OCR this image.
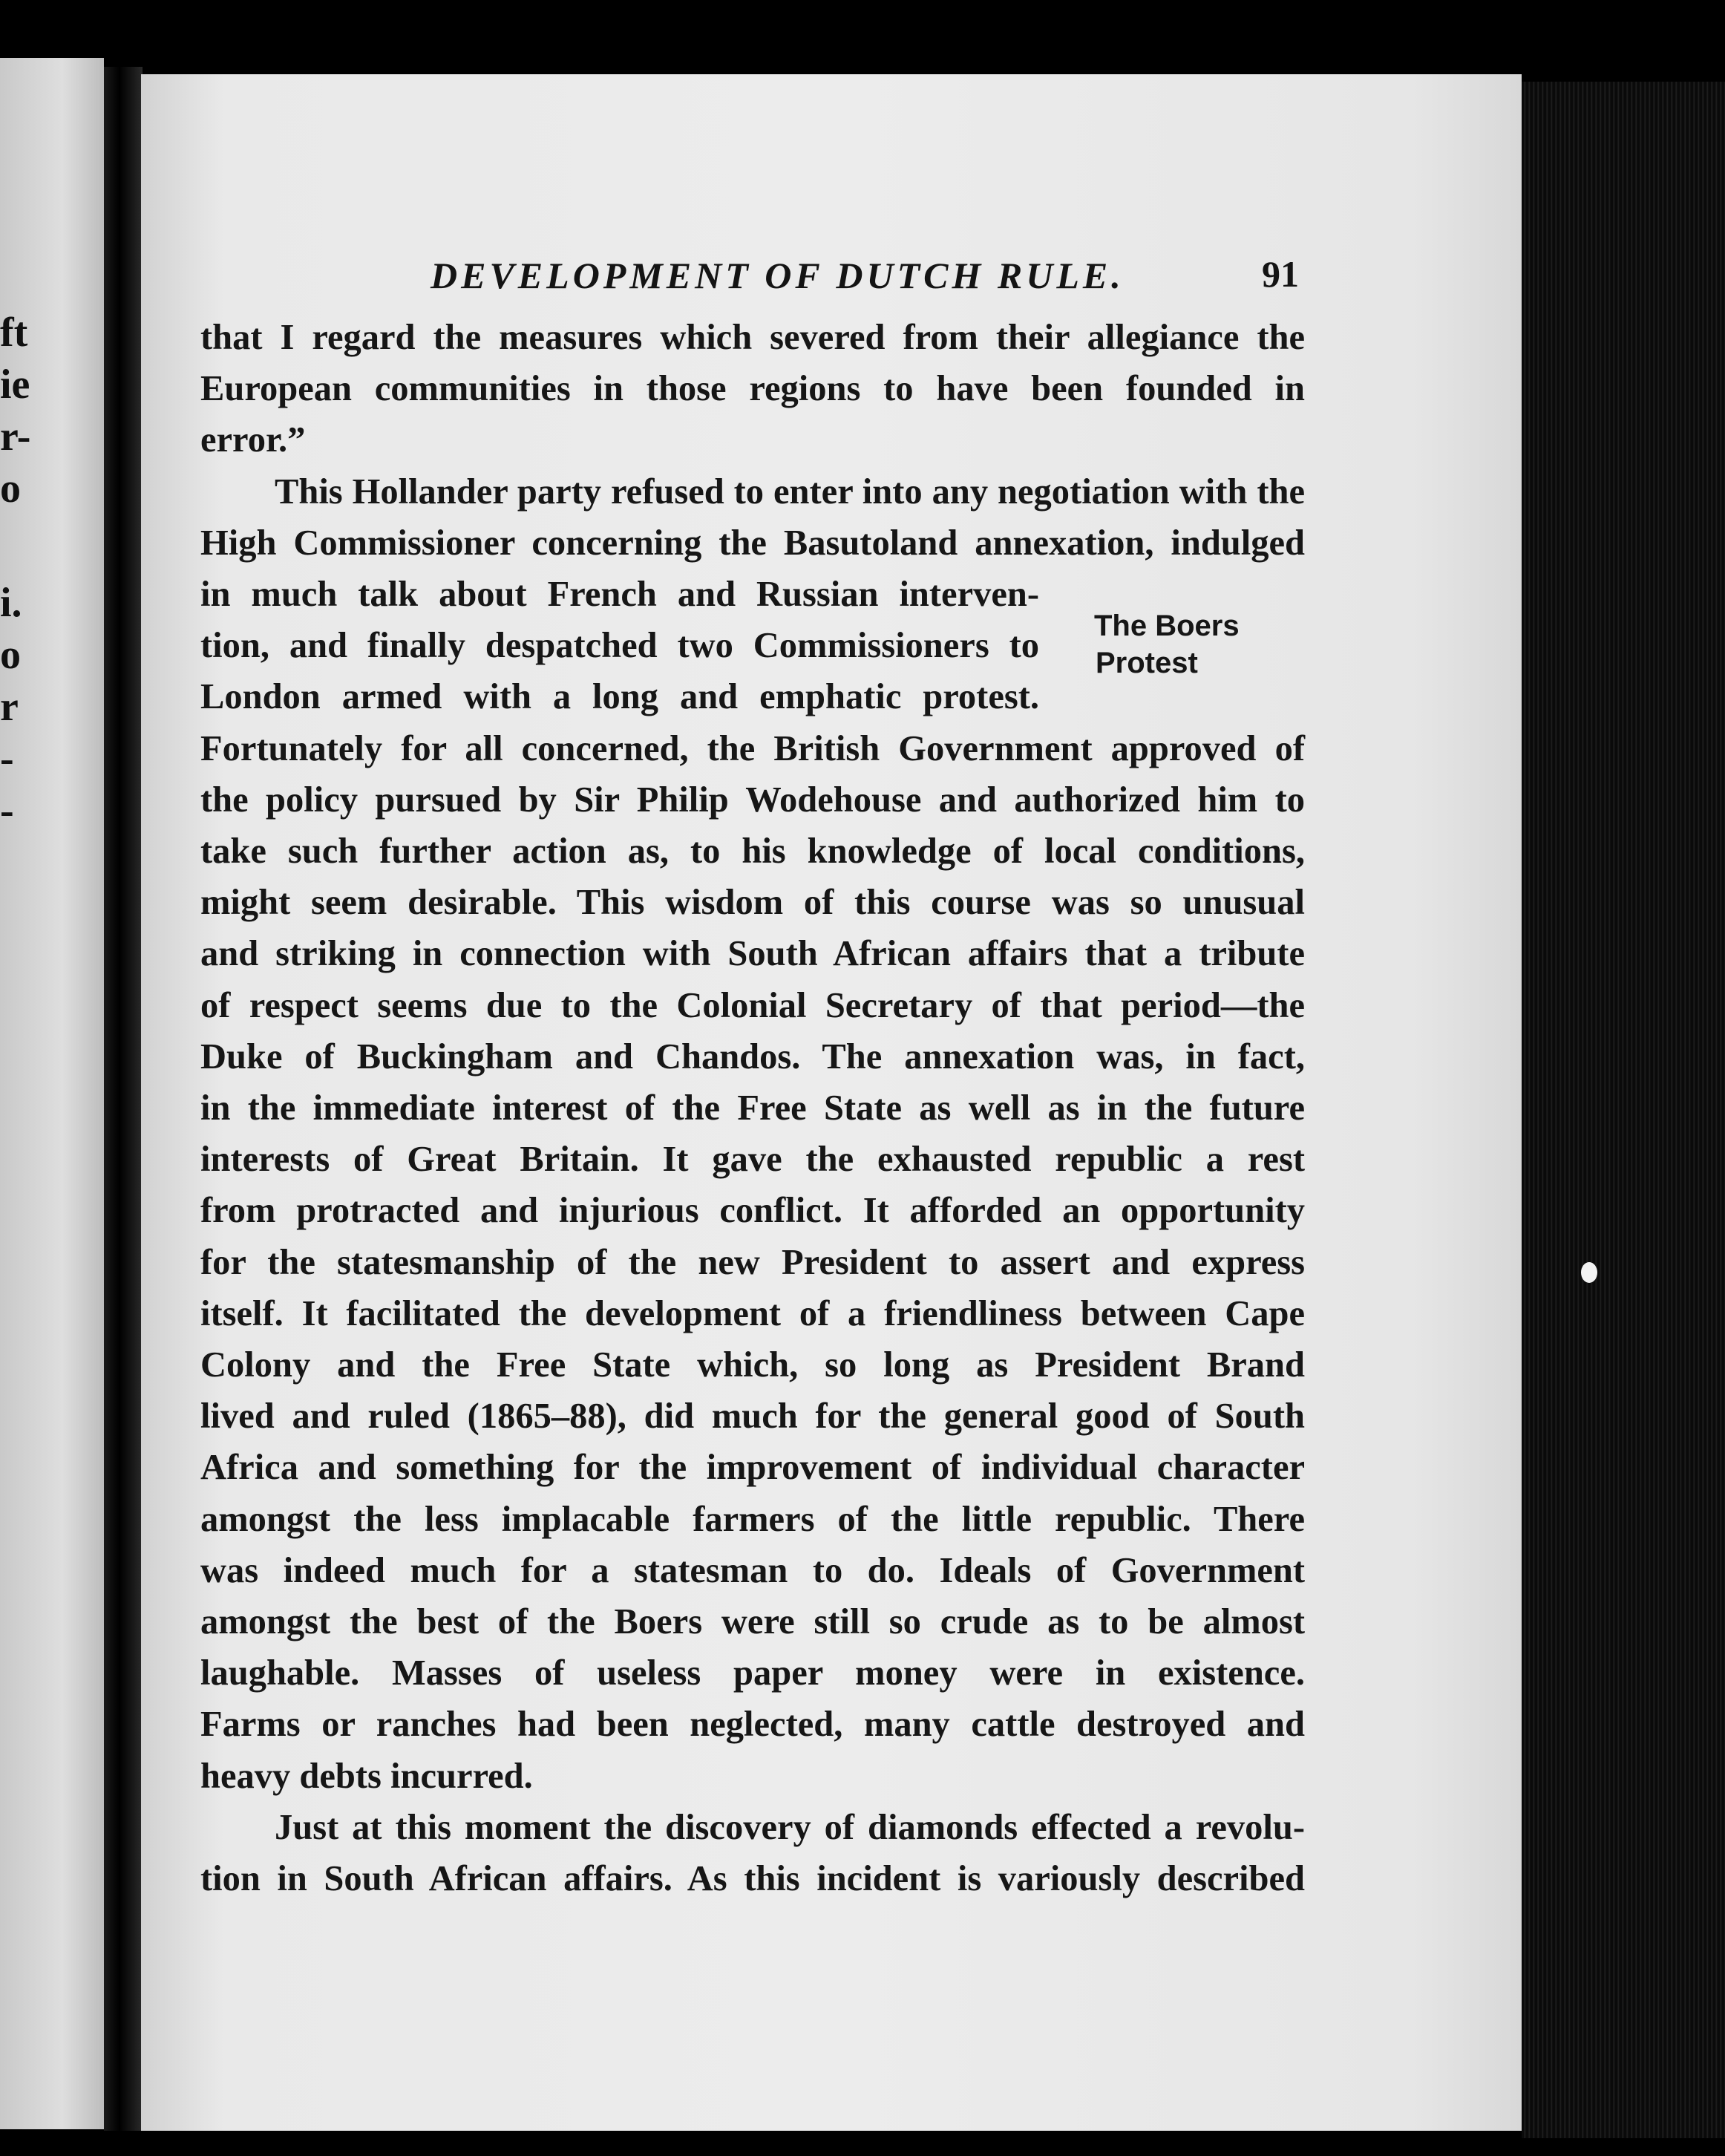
ft
ie
r-
o
i.
o
r
-
-
DEVELOPMENT OF DUTCH RULE.	91
The Boers
Protest
that I regard the measures which severed from their allegiance the
European communities in those regions to have been founded in
error.”
This Hollander party refused to enter into any negotiation with the
High Commissioner concerning the Basutoland annexation, indulged
in much talk about French and Russian interven-
tion, and finally despatched two Commissioners to
London armed with a long and emphatic protest.
Fortunately for all concerned, the British Government approved of
the policy pursued by Sir Philip Wodehouse and authorized him to
take such further action as, to his knowledge of local conditions,
might seem desirable. This wisdom of this course was so unusual
and striking in connection with South African affairs that a tribute
of respect seems due to the Colonial Secretary of that period—the
Duke of Buckingham and Chandos. The annexation was, in fact,
in the immediate interest of the Free State as well as in the future
interests of Great Britain. It gave the exhausted republic a rest
from protracted and injurious conflict. It afforded an opportunity
for the statesmanship of the new President to assert and express
itself. It facilitated the development of a friendliness between Cape
Colony and the Free State which, so long as President Brand
lived and ruled (1865–88), did much for the general good of South
Africa and something for the improvement of individual character
amongst the less implacable farmers of the little republic. There
was indeed much for a statesman to do. Ideals of Government
amongst the best of the Boers were still so crude as to be almost
laughable. Masses of useless paper money were in existence.
Farms or ranches had been neglected, many cattle destroyed and
heavy debts incurred.
Just at this moment the discovery of diamonds effected a revolu-
tion in South African affairs. As this incident is variously described
